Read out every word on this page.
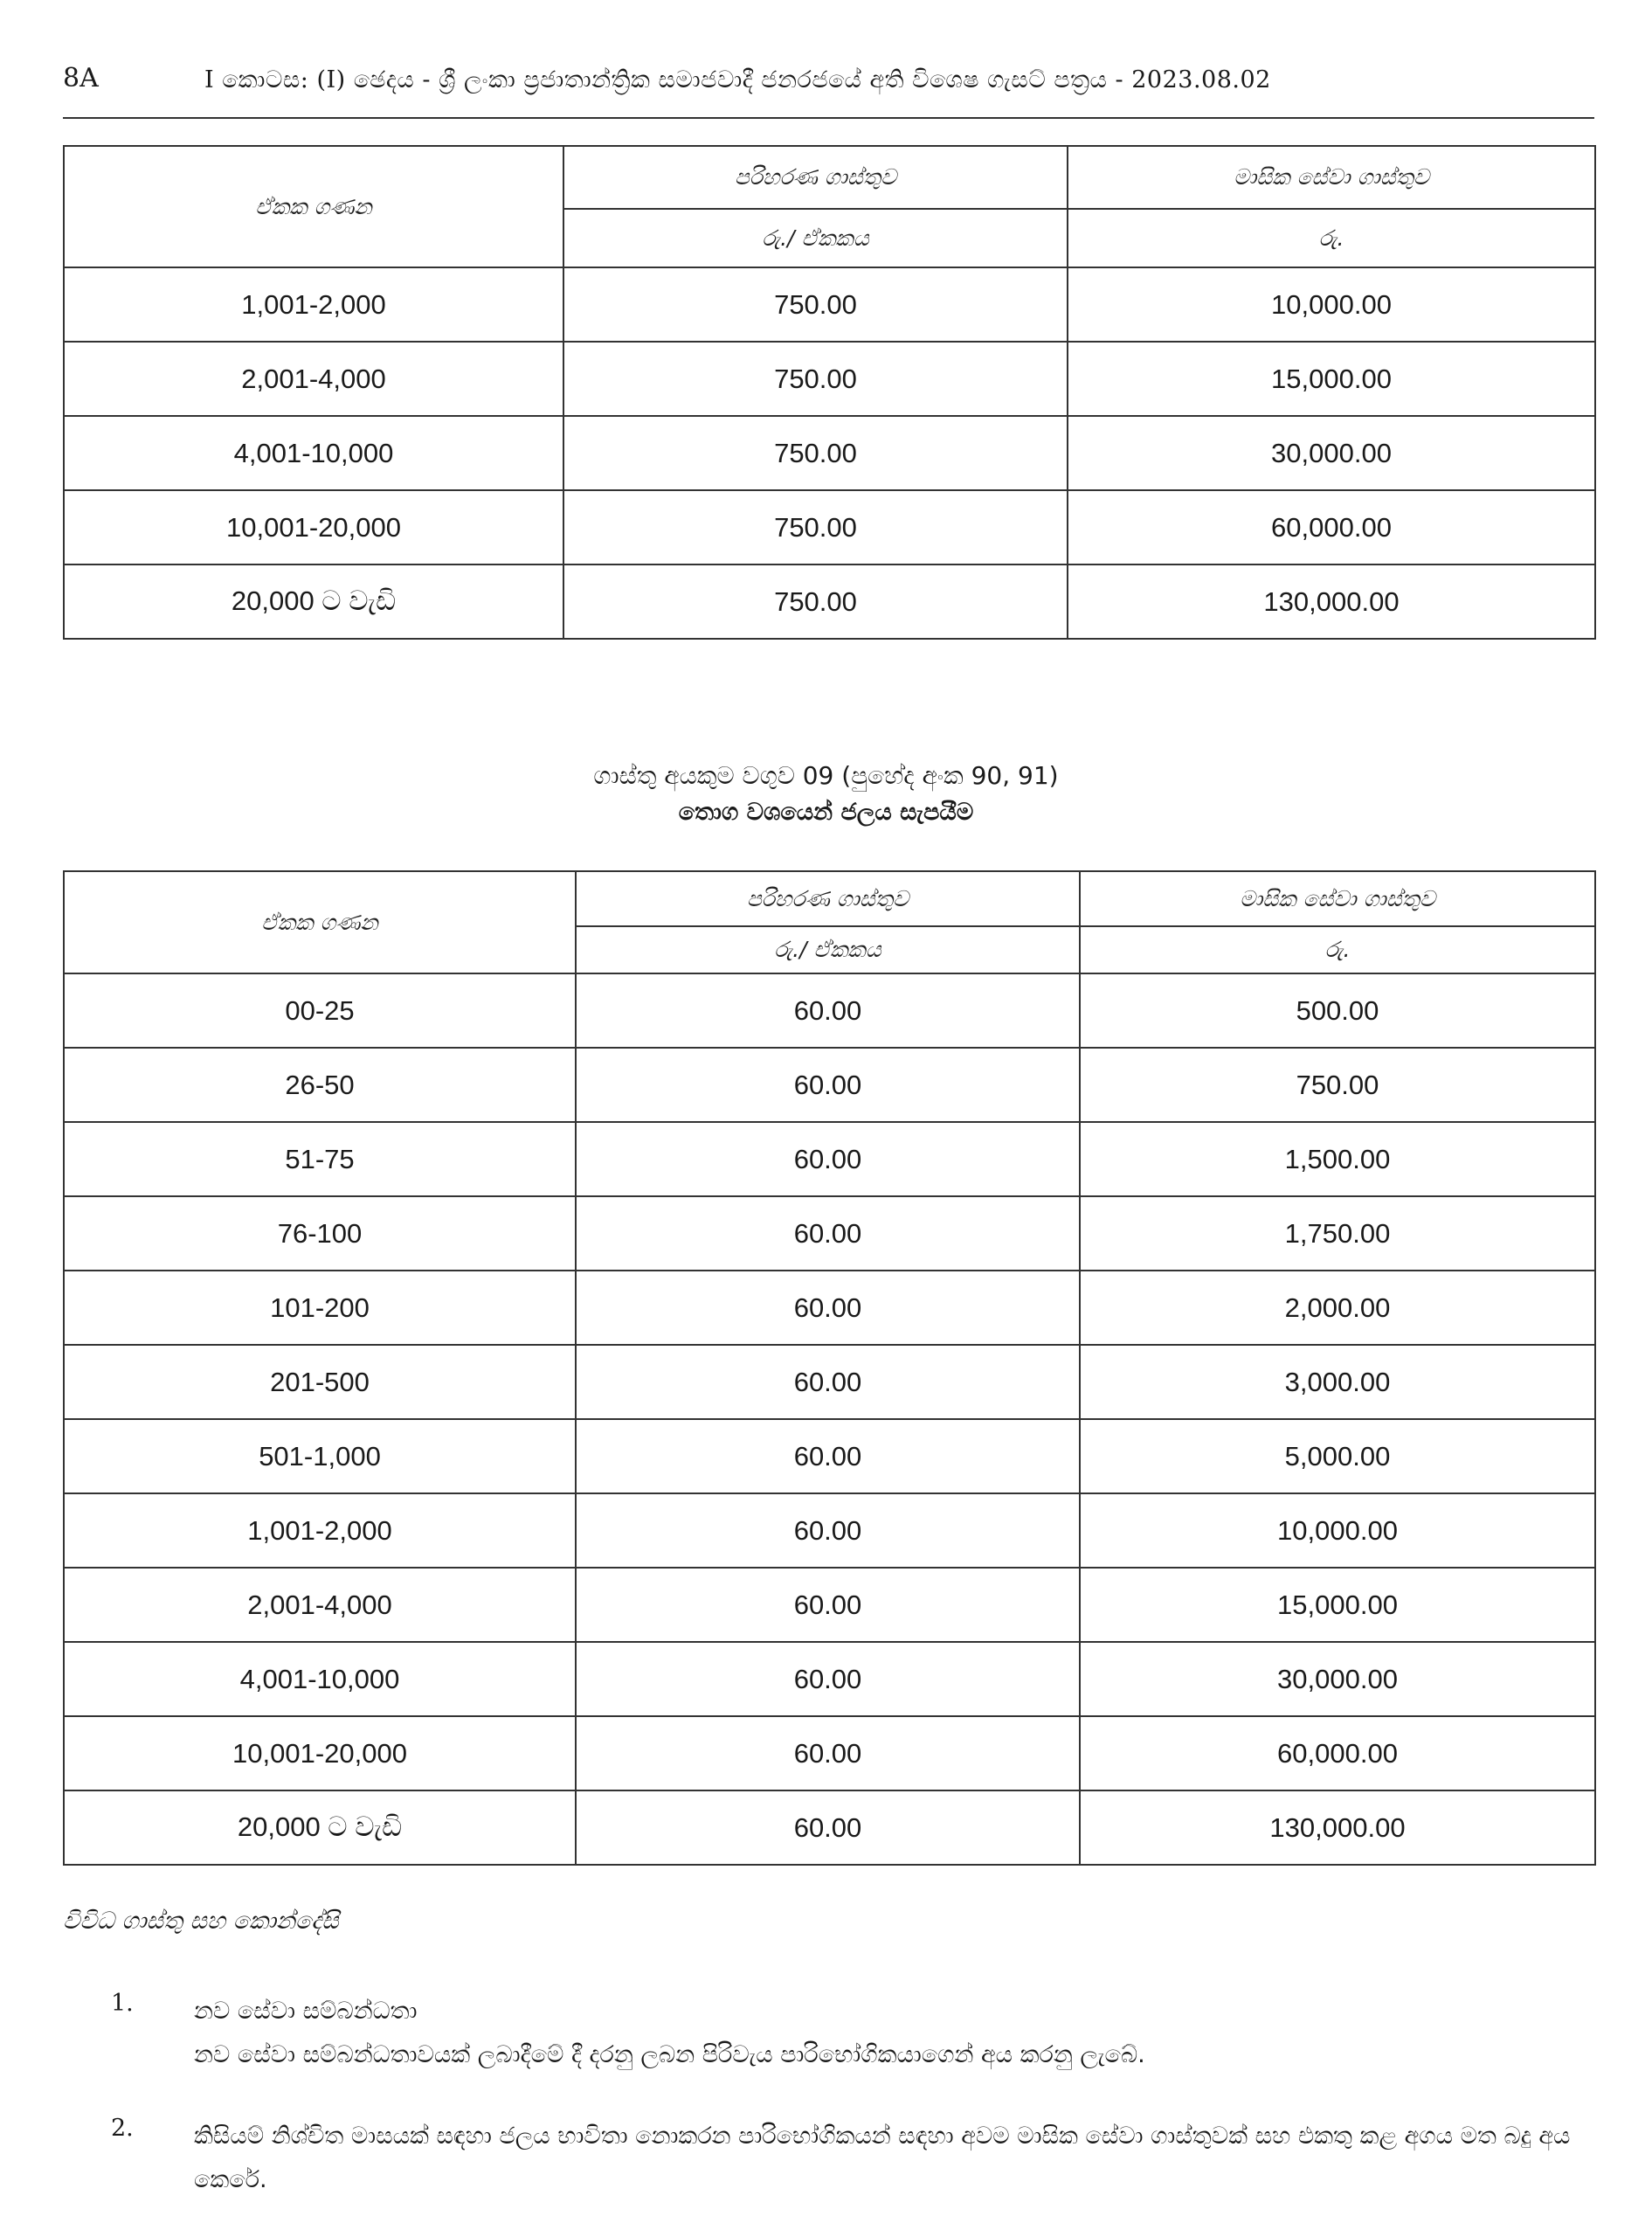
8A	I කොටස: (I) ඡෙදය - ශ්‍රී ලංකා ප්‍රජාතාන්ත්‍රික සමාජවාදී ජනරජයේ අති විශෙෂ ගැසට් පත්‍රය - 2023.08.02
ඒකක ගණන	පරිහරණ ගාස්තුව	මාසික සේවා ගාස්තුව
	රු./ ඒකකය	රු.
1,001-2,000	750.00	10,000.00
2,001-4,000	750.00	15,000.00
4,001-10,000	750.00	30,000.00
10,001-20,000	750.00	60,000.00
20,000 ට වැඩි	750.00	130,000.00
ගාස්තු අයකුම වගුව 09 (පුහේද අංක 90, 91)
තොග වශයෙන් ජලය සැපයීම
ඒකක ගණන	පරිහරණ ගාස්තුව	මාසික සේවා ගාස්තුව
	රු./ ඒකකය	රු.
00-25	60.00	500.00
26-50	60.00	750.00
51-75	60.00	1,500.00
76-100	60.00	1,750.00
101-200	60.00	2,000.00
201-500	60.00	3,000.00
501-1,000	60.00	5,000.00
1,001-2,000	60.00	10,000.00
2,001-4,000	60.00	15,000.00
4,001-10,000	60.00	30,000.00
10,001-20,000	60.00	60,000.00
20,000 ට වැඩි	60.00	130,000.00
විවිධ ගාස්තු සහ කොන්දේසි
1.	නව සේවා සම්බන්ධතා
නව සේවා සම්බන්ධතාවයක් ලබාදීමේ දී දරනු ලබන පිරිවැය පාරිභෝගිකයාගෙන් අය කරනු ලැබේ.
2.	කිසියම් නිශ්චිත මාසයක් සඳහා ජලය භාවිතා නොකරන පාරිභෝගිකයන් සඳහා අවම මාසික සේවා ගාස්තුවක් සහ එකතු කළ අගය මත බදු අය කෙරේ.
